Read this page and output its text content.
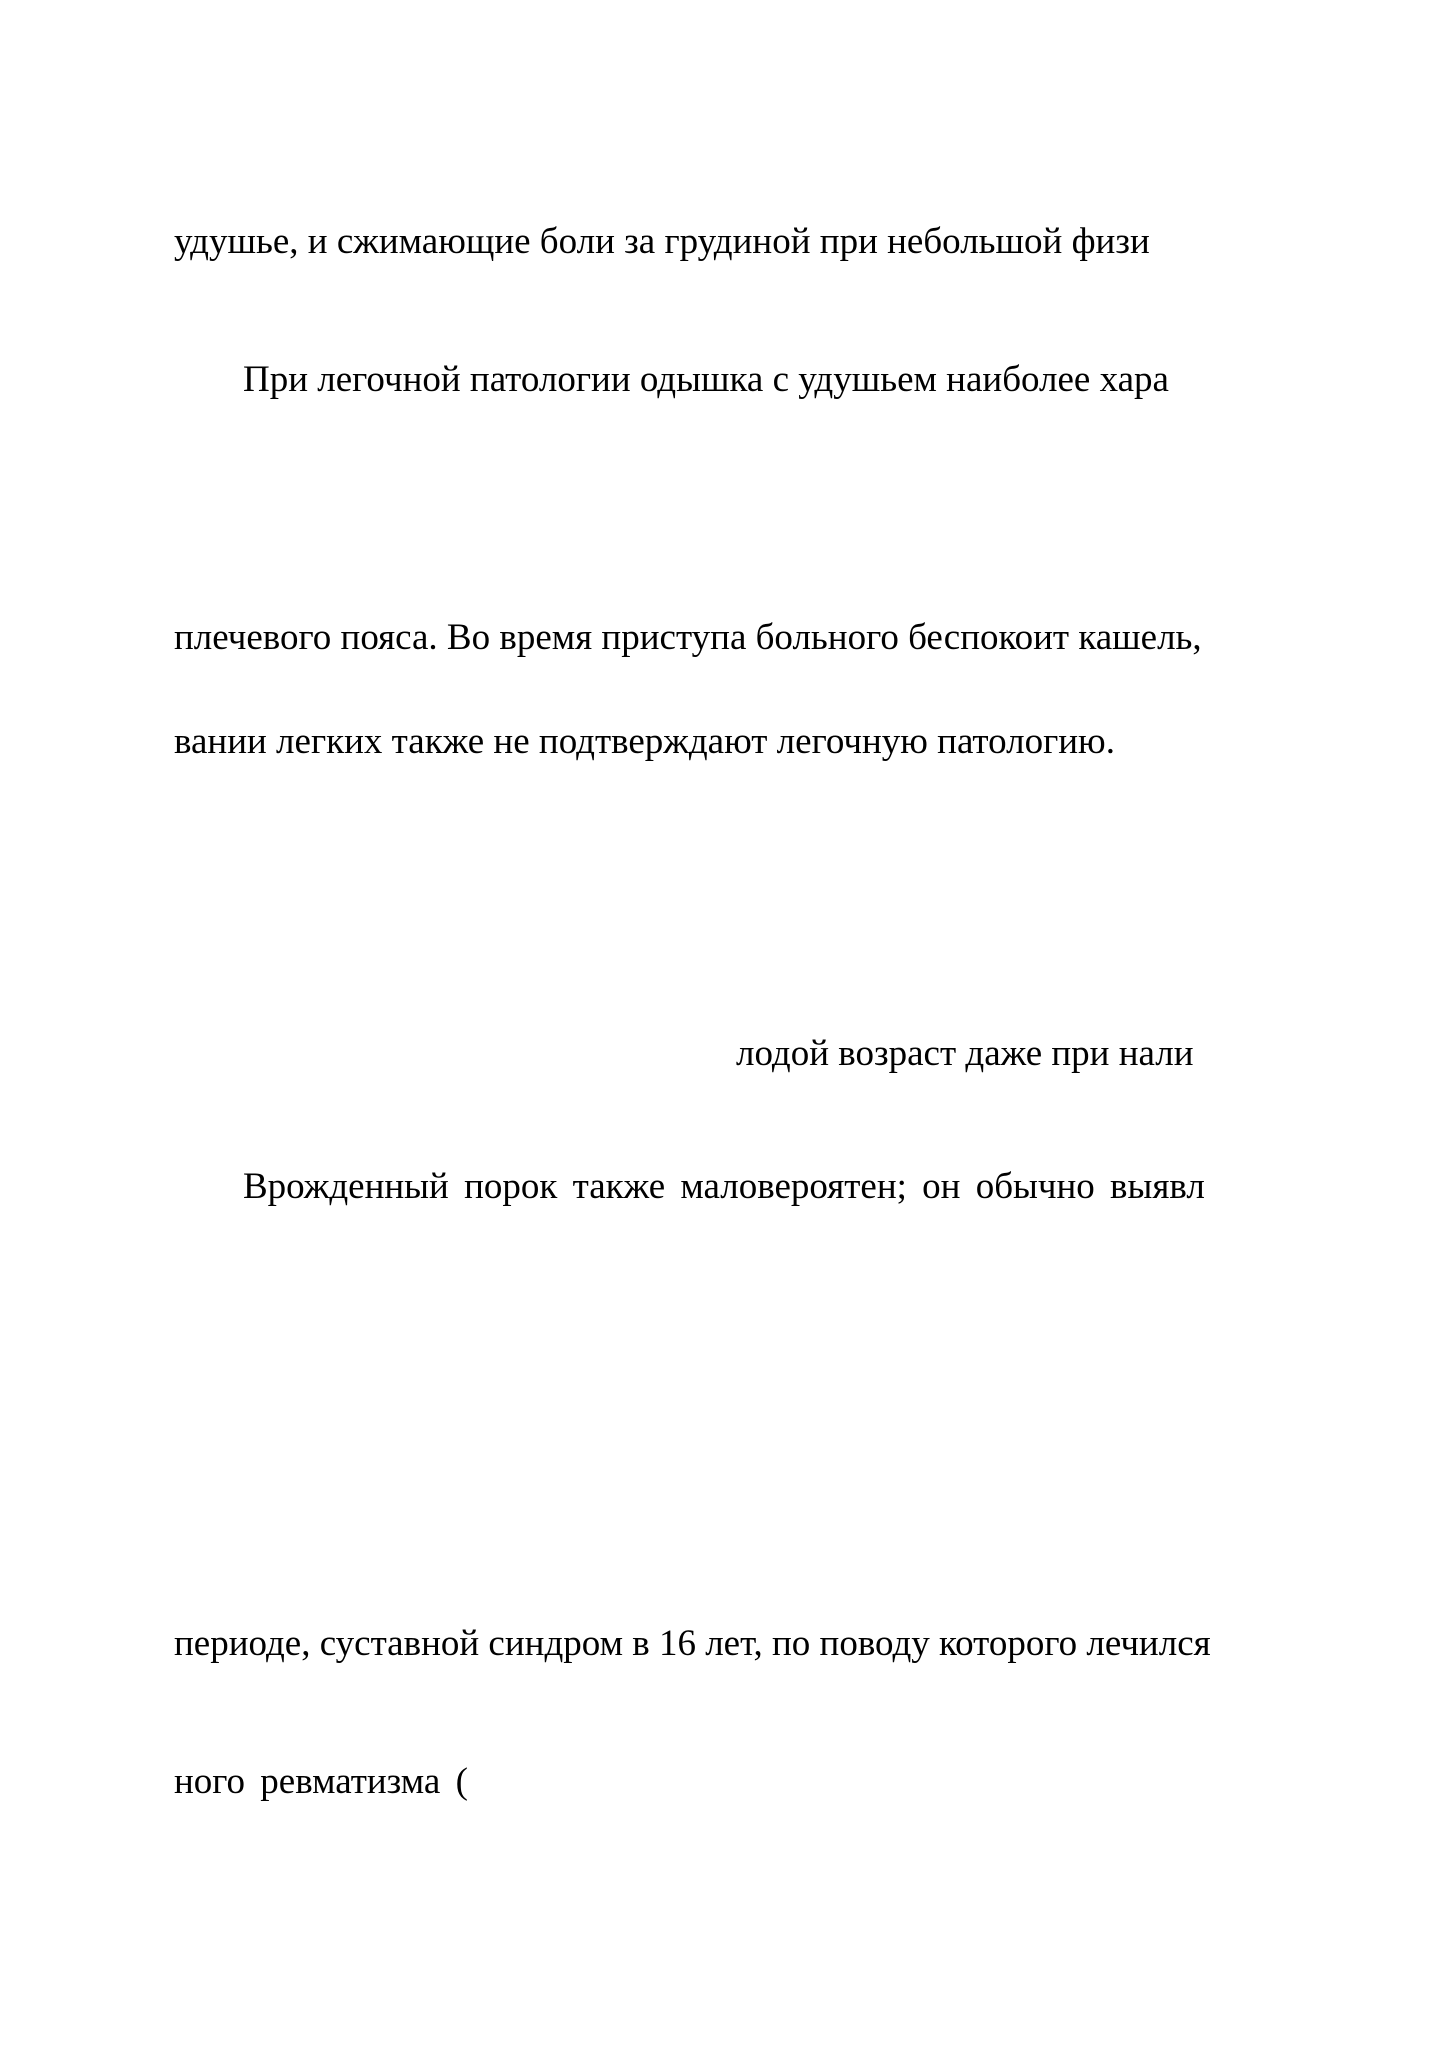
удушье, и сжимающие боли за грудиной при небольшой физи
При легочной патологии одышка с удушьем наиболее хара
плечевого пояса. Во время приступа больного беспокоит кашель,
вании легких также не подтверждают легочную патологию.
лодой возраст даже при нали
Врожденный порок также маловероятен; он обычно выявл
периоде, суставной синдром в 16 лет, по поводу которого лечился
ного ревматизма (
